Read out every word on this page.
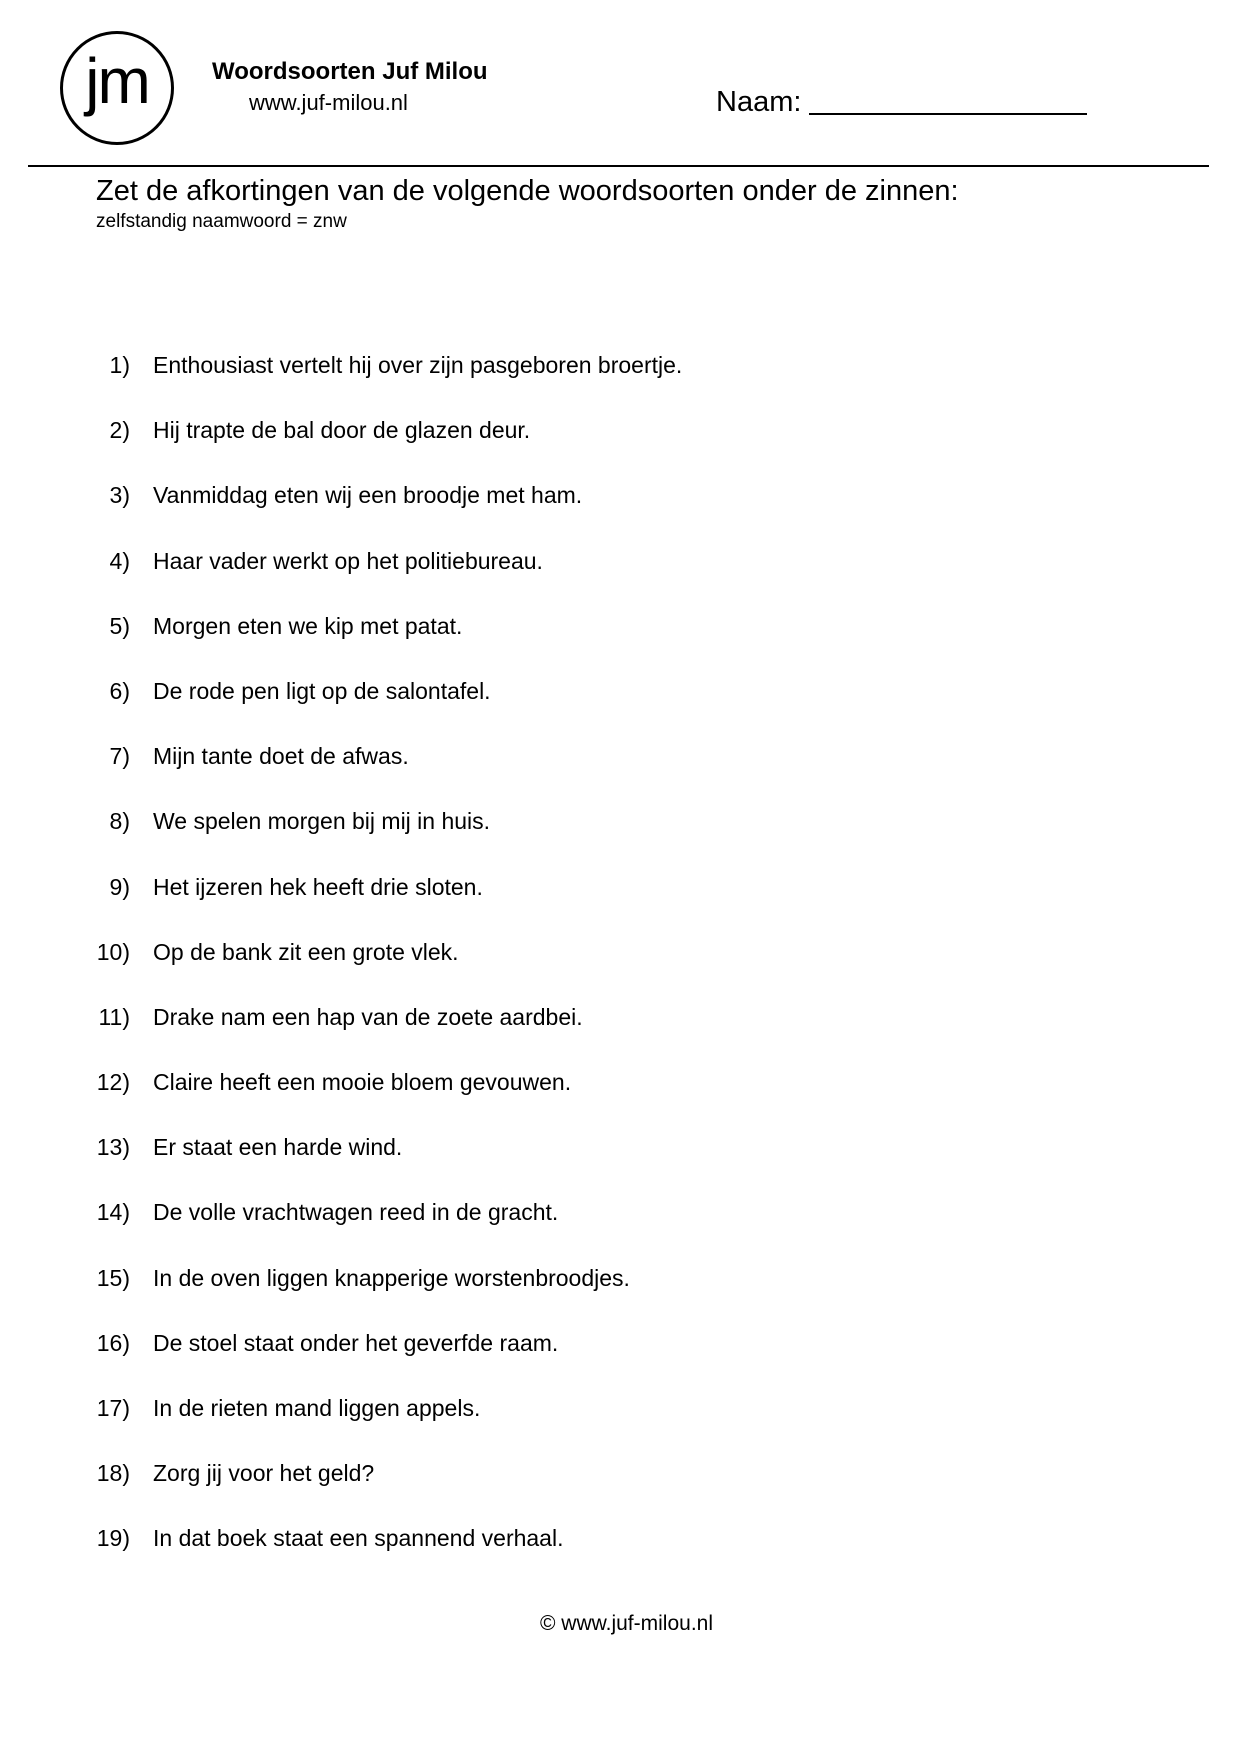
jm	Woordsoorten Juf Milou
www.juf-milou.nl	Naam:
Zet de afkortingen van de volgende woordsoorten onder de zinnen:
zelfstandig naamwoord = znw
1) Enthousiast vertelt hij over zijn pasgeboren broertje.
2) Hij trapte de bal door de glazen deur.
3) Vanmiddag eten wij een broodje met ham.
4) Haar vader werkt op het politiebureau.
5) Morgen eten we kip met patat.
6) De rode pen ligt op de salontafel.
7) Mijn tante doet de afwas.
8) We spelen morgen bij mij in huis.
9) Het ijzeren hek heeft drie sloten.
10) Op de bank zit een grote vlek.
11) Drake nam een hap van de zoete aardbei.
12) Claire heeft een mooie bloem gevouwen.
13) Er staat een harde wind.
14) De volle vrachtwagen reed in de gracht.
15) In de oven liggen knapperige worstenbroodjes.
16) De stoel staat onder het geverfde raam.
17) In de rieten mand liggen appels.
18) Zorg jij voor het geld?
19) In dat boek staat een spannend verhaal.
© www.juf-milou.nl
